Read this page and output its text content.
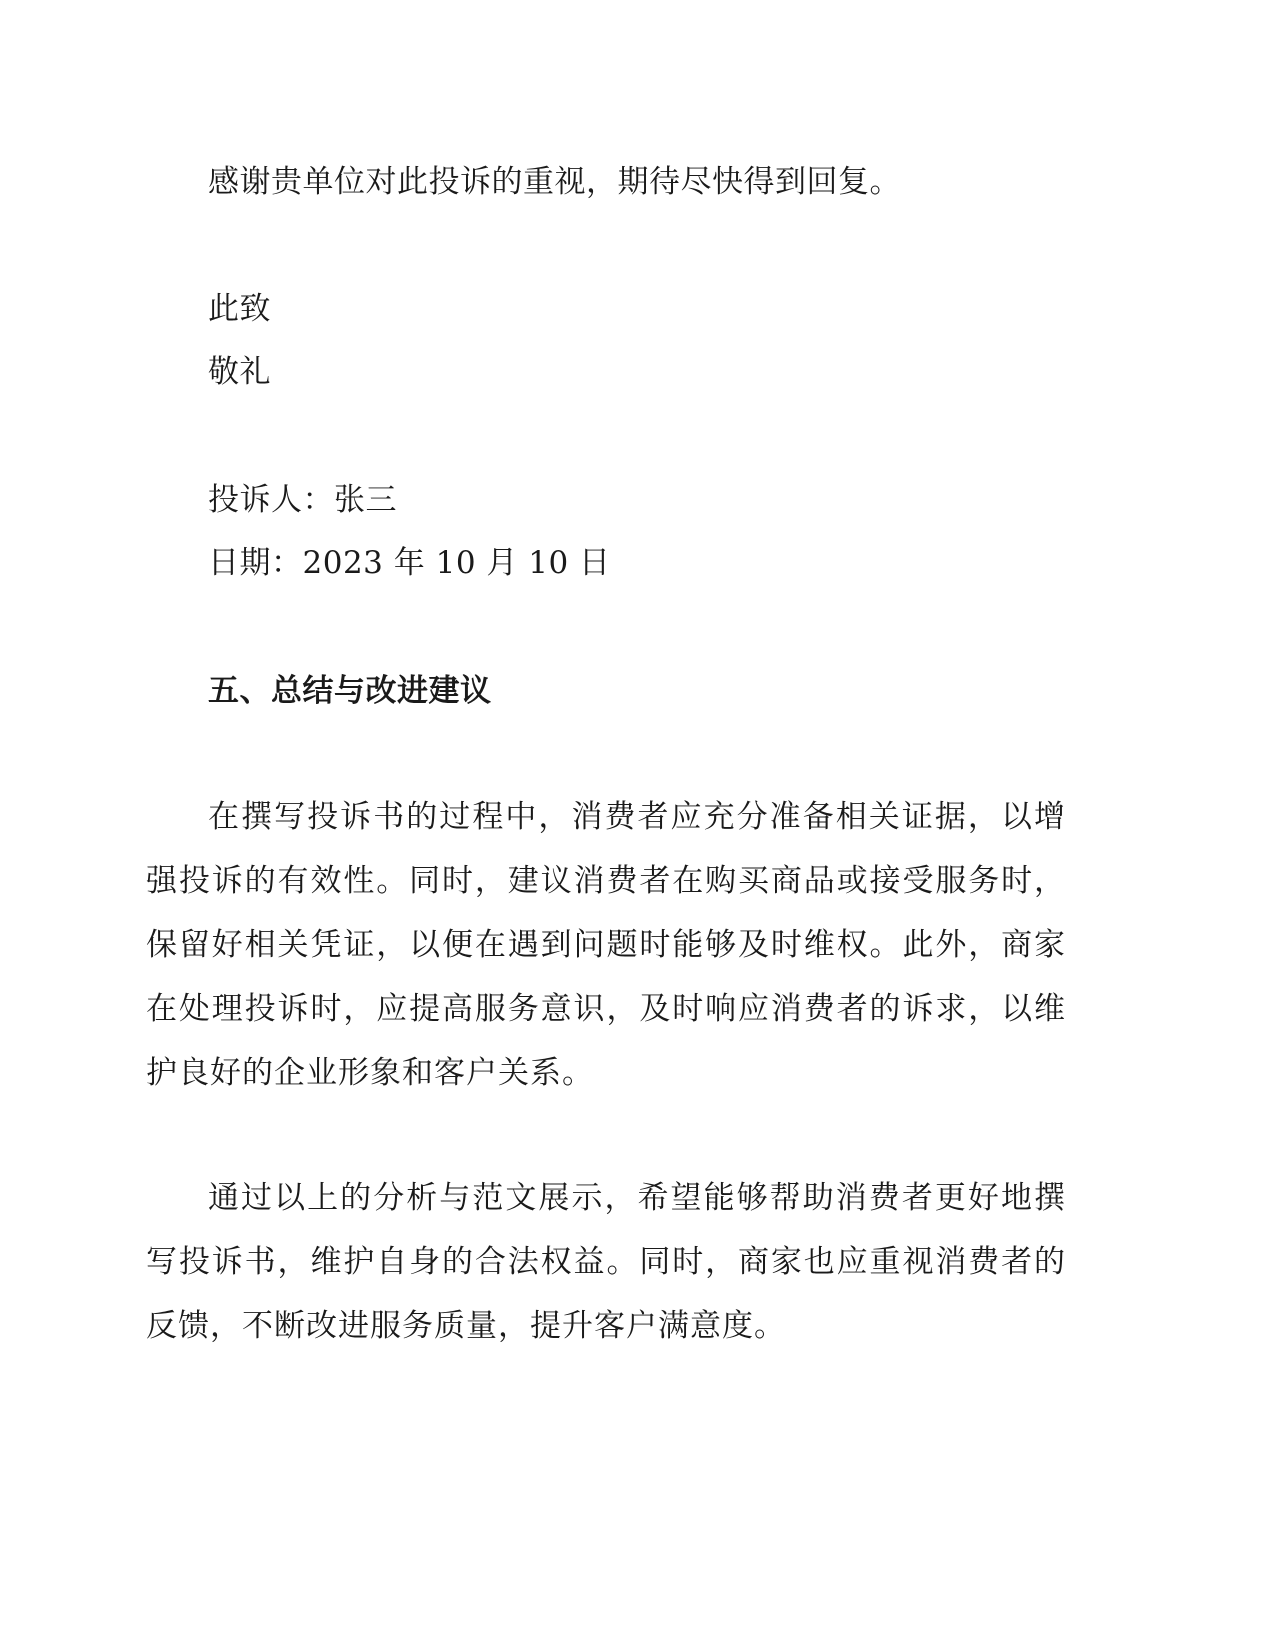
感谢贵单位对此投诉的重视，期待尽快得到回复。
此致
敬礼
投诉人：张三
日期：2023 年 10 月 10 日
五、总结与改进建议
在撰写投诉书的过程中，消费者应充分准备相关证据，以增强投诉的有效性。同时，建议消费者在购买商品或接受服务时，保留好相关凭证，以便在遇到问题时能够及时维权。此外，商家在处理投诉时，应提高服务意识，及时响应消费者的诉求，以维护良好的企业形象和客户关系。
通过以上的分析与范文展示，希望能够帮助消费者更好地撰写投诉书，维护自身的合法权益。同时，商家也应重视消费者的反馈，不断改进服务质量，提升客户满意度。
